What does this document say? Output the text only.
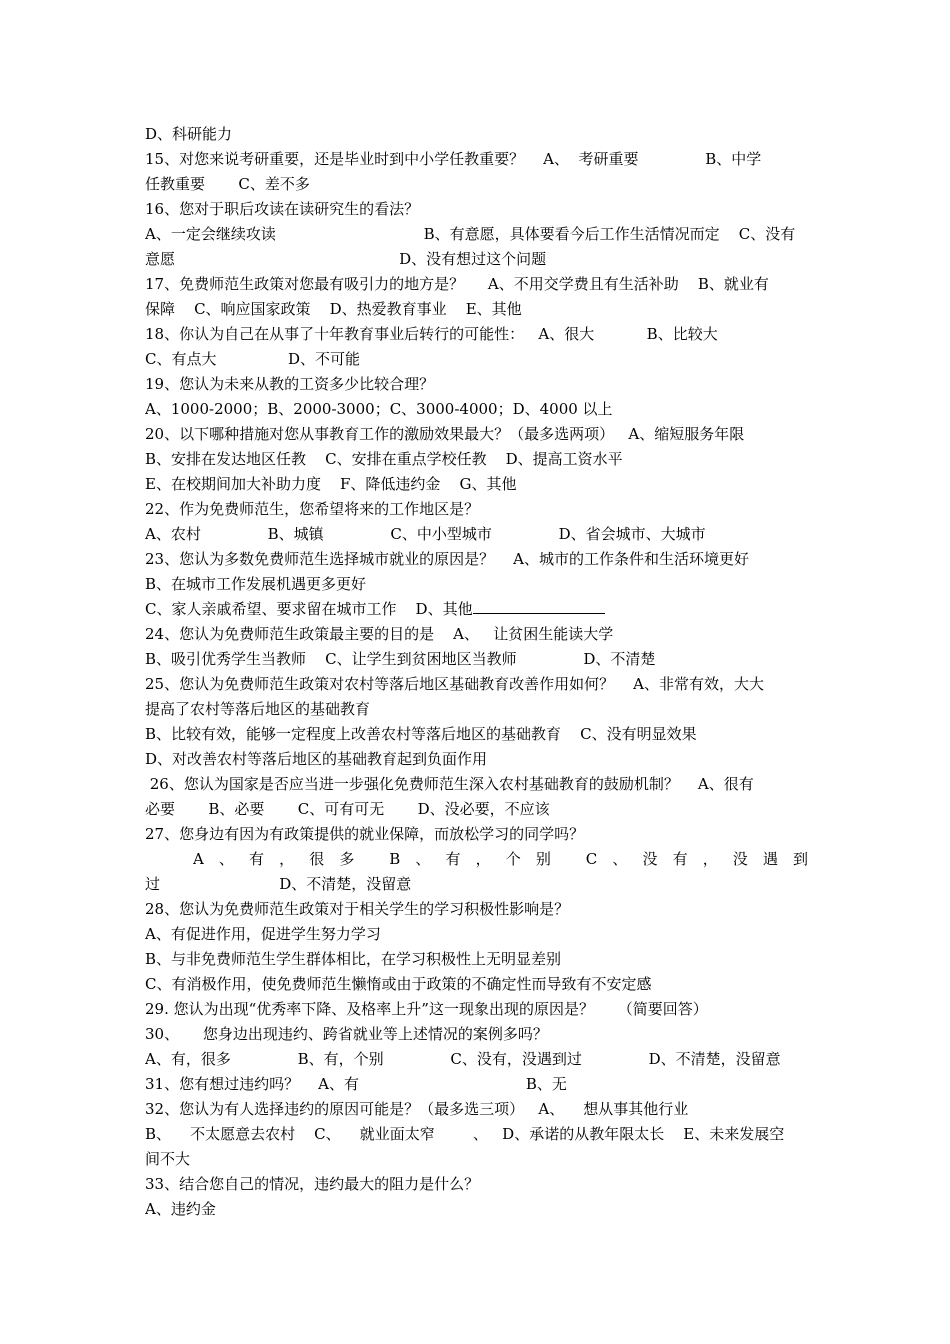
D、科研能力
15、对您来说考研重要，还是毕业时到中小学任教重要？    A、  考研重要              B、中学
任教重要       C、差不多
16、您对于职后攻读在读研究生的看法？
A、一定会继续攻读                               B、有意愿，具体要看今后工作生活情况而定    C、没有
意愿                                               D、没有想过这个问题
17、免费师范生政策对您最有吸引力的地方是？     A、不用交学费且有生活补助    B、就业有
保障    C、响应国家政策    D、热爱教育事业    E、其他
18、你认为自己在从事了十年教育事业后转行的可能性：   A、很大           B、比较大
C、有点大               D、不可能
19、您认为未来从教的工资多少比较合理？
A、1000-2000；B、2000-3000；C、3000-4000；D、4000 以上
20、以下哪种措施对您从事教育工作的激励效果最大？（最多选两项）   A、缩短服务年限
B、安排在发达地区任教    C、安排在重点学校任教    D、提高工资水平
E、在校期间加大补助力度    F、降低违约金    G、其他
22、作为免费师范生，您希望将来的工作地区是？
A、农村              B、城镇              C、中小型城市              D、省会城市、大城市
23、您认为多数免费师范生选择城市就业的原因是？    A、城市的工作条件和生活环境更好
B、在城市工作发展机遇更多更好
C、家人亲戚希望、要求留在城市工作    D、其他
24、您认为免费师范生政策最主要的目的是    A、   让贫困生能读大学
B、吸引优秀学生当教师    C、让学生到贫困地区当教师              D、不清楚
25、您认为免费师范生政策对农村等落后地区基础教育改善作用如何？    A、非常有效，大大
提高了农村等落后地区的基础教育
B、比较有效，能够一定程度上改善农村等落后地区的基础教育    C、没有明显效果
D、对改善农村等落后地区的基础教育起到负面作用
26、您认为国家是否应当进一步强化免费师范生深入农村基础教育的鼓励机制？    A、很有
必要       B、必要       C、可有可无       D、没必要，不应该
27、您身边有因为有政策提供的就业保障，而放松学习的同学吗？
A、有，很多 B、有，个别 C、没有，没遇到
过                         D、不清楚，没留意
28、您认为免费师范生政策对于相关学生的学习积极性影响是？
A、有促进作用，促进学生努力学习
B、与非免费师范生学生群体相比，在学习积极性上无明显差别
C、有消极作用，使免费师范生懒惰或由于政策的不确定性而导致有不安定感
29. 您认为出现“优秀率下降、及格率上升”这一现象出现的原因是？     （简要回答）
30、     您身边出现违约、跨省就业等上述情况的案例多吗？
A、有，很多              B、有，个别              C、没有，没遇到过              D、不清楚，没留意
31、您有想过违约吗？    A、有                                   B、无
32、您认为有人选择违约的原因可能是？（最多选三项）   A、    想从事其他行业
B、    不太愿意去农村    C、    就业面太窄        、   D、承诺的从教年限太长    E、未来发展空
间不大
33、结合您自己的情况，违约最大的阻力是什么？
A、违约金
